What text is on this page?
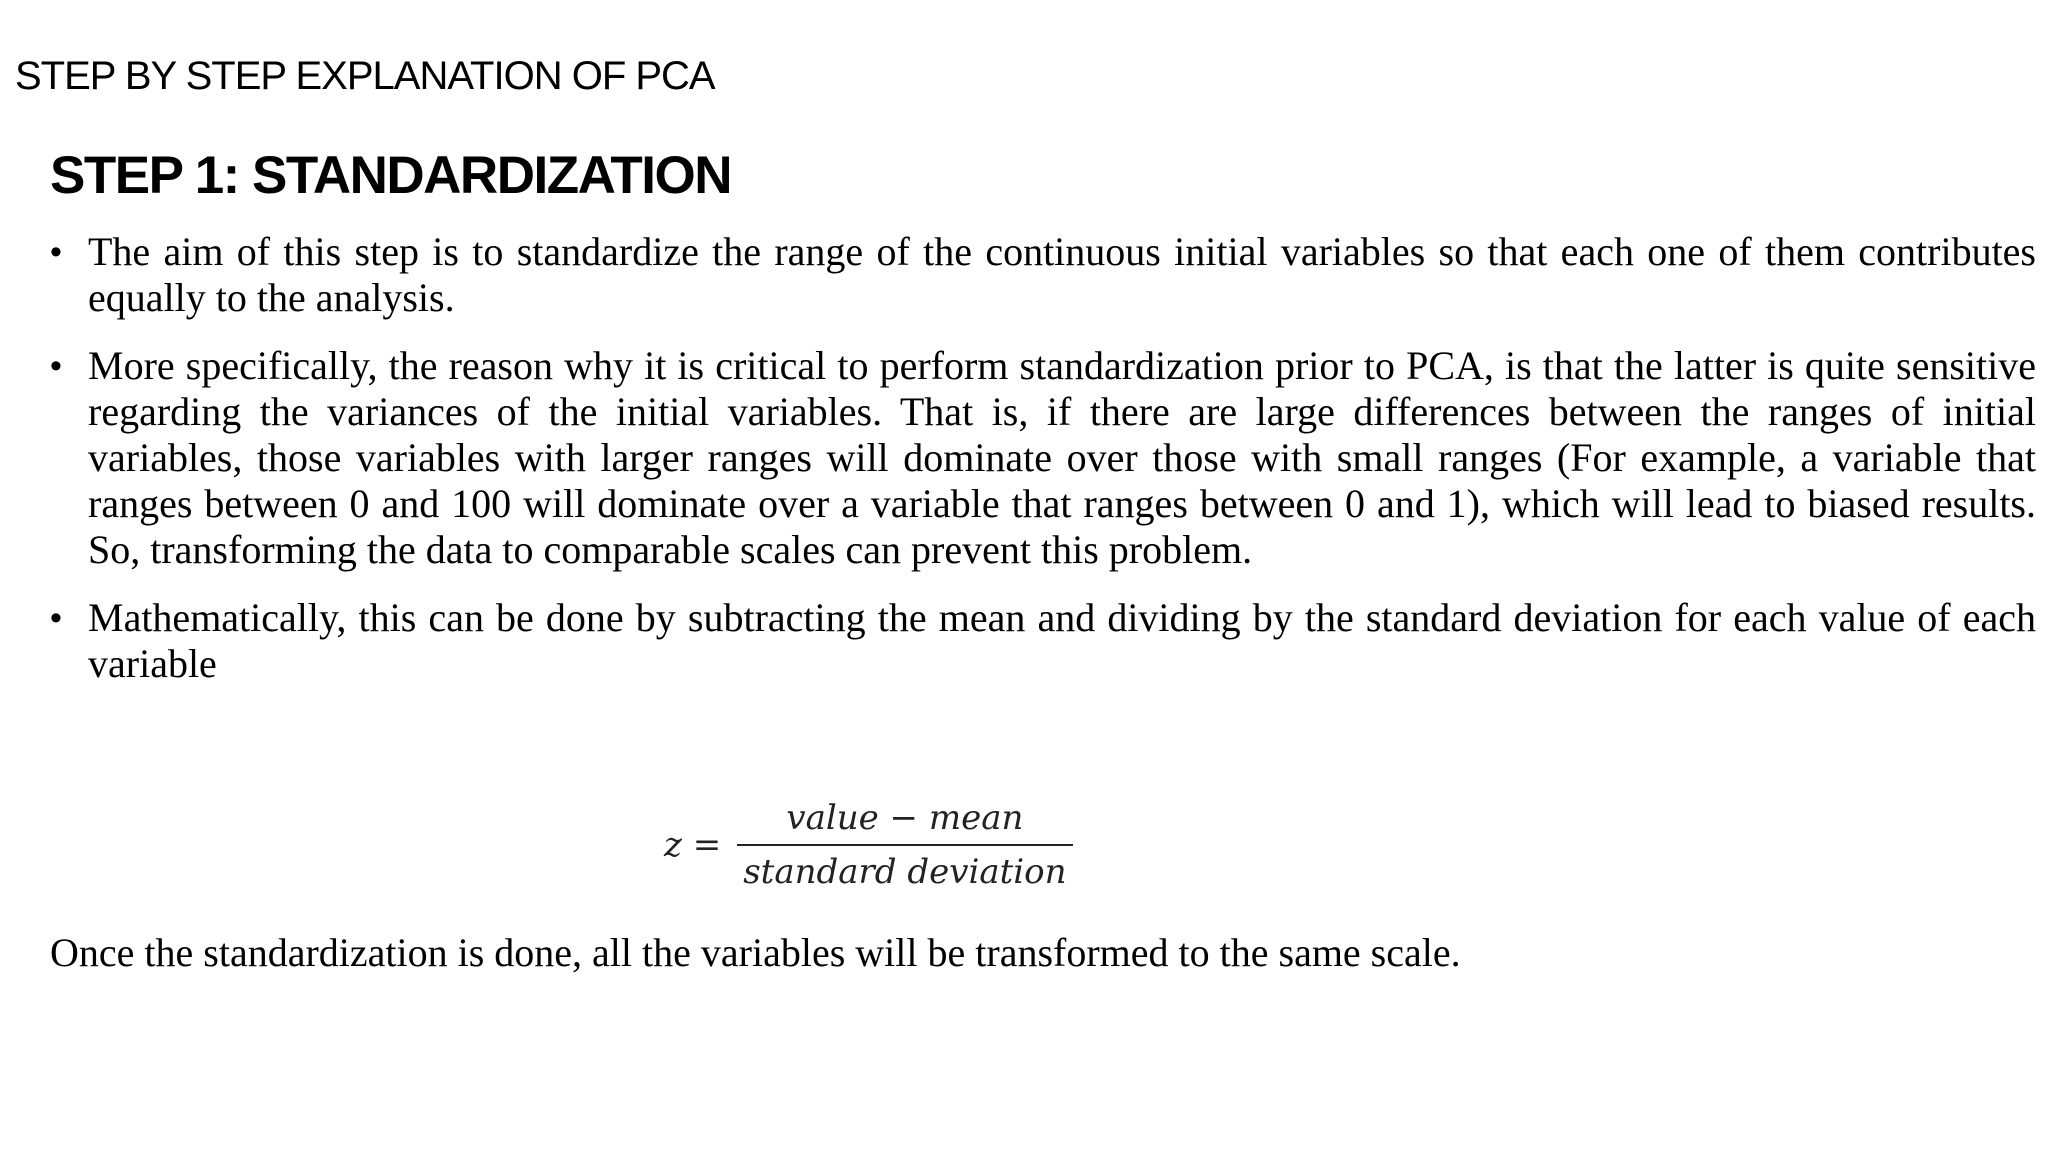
STEP BY STEP EXPLANATION OF PCA
STEP 1: STANDARDIZATION
• The aim of this step is to standardize the range of the continuous initial variables so that each one of them contributes equally to the analysis.
• More specifically, the reason why it is critical to perform standardization prior to PCA, is that the latter is quite sensitive regarding the variances of the initial variables. That is, if there are large differences between the ranges of initial variables, those variables with larger ranges will dominate over those with small ranges (For example, a variable that ranges between 0 and 100 will dominate over a variable that ranges between 0 and 1), which will lead to biased results. So, transforming the data to comparable scales can prevent this problem.
• Mathematically, this can be done by subtracting the mean and dividing by the standard deviation for each value of each variable
$z = \frac{\text{value − mean}}{\text{standard deviation}}$
Once the standardization is done, all the variables will be transformed to the same scale.
